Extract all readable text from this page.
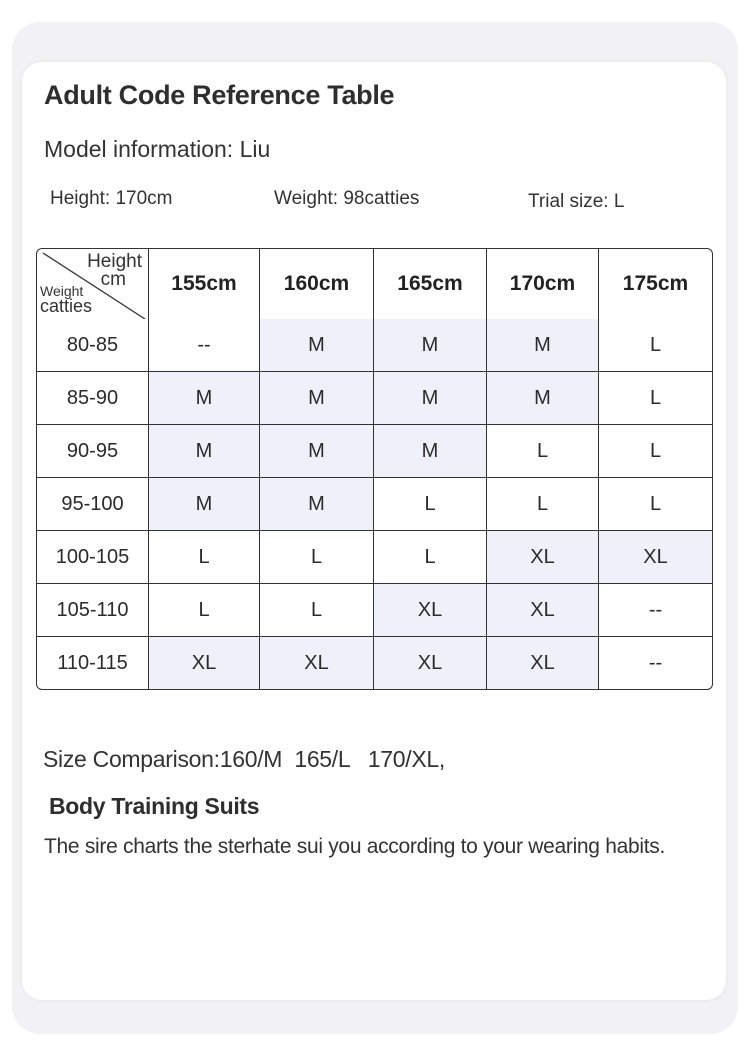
Adult Code Reference Table
Model information: Liu
Height: 170cm	Weight: 98catties	Trial size: L
Height
cm
Weight
catties	155cm	160cm	165cm	170cm	175cm
80-85	--	M	M	M	L
85-90	M	M	M	M	L
90-95	M	M	M	L	L
95-100	M	M	L	L	L
100-105	L	L	L	XL	XL
105-110	L	L	XL	XL	--
110-115	XL	XL	XL	XL	--
Size Comparison:160/M  165/L   170/XL,
Body Training Suits
The sire charts the sterhate sui you according to your wearing habits.
